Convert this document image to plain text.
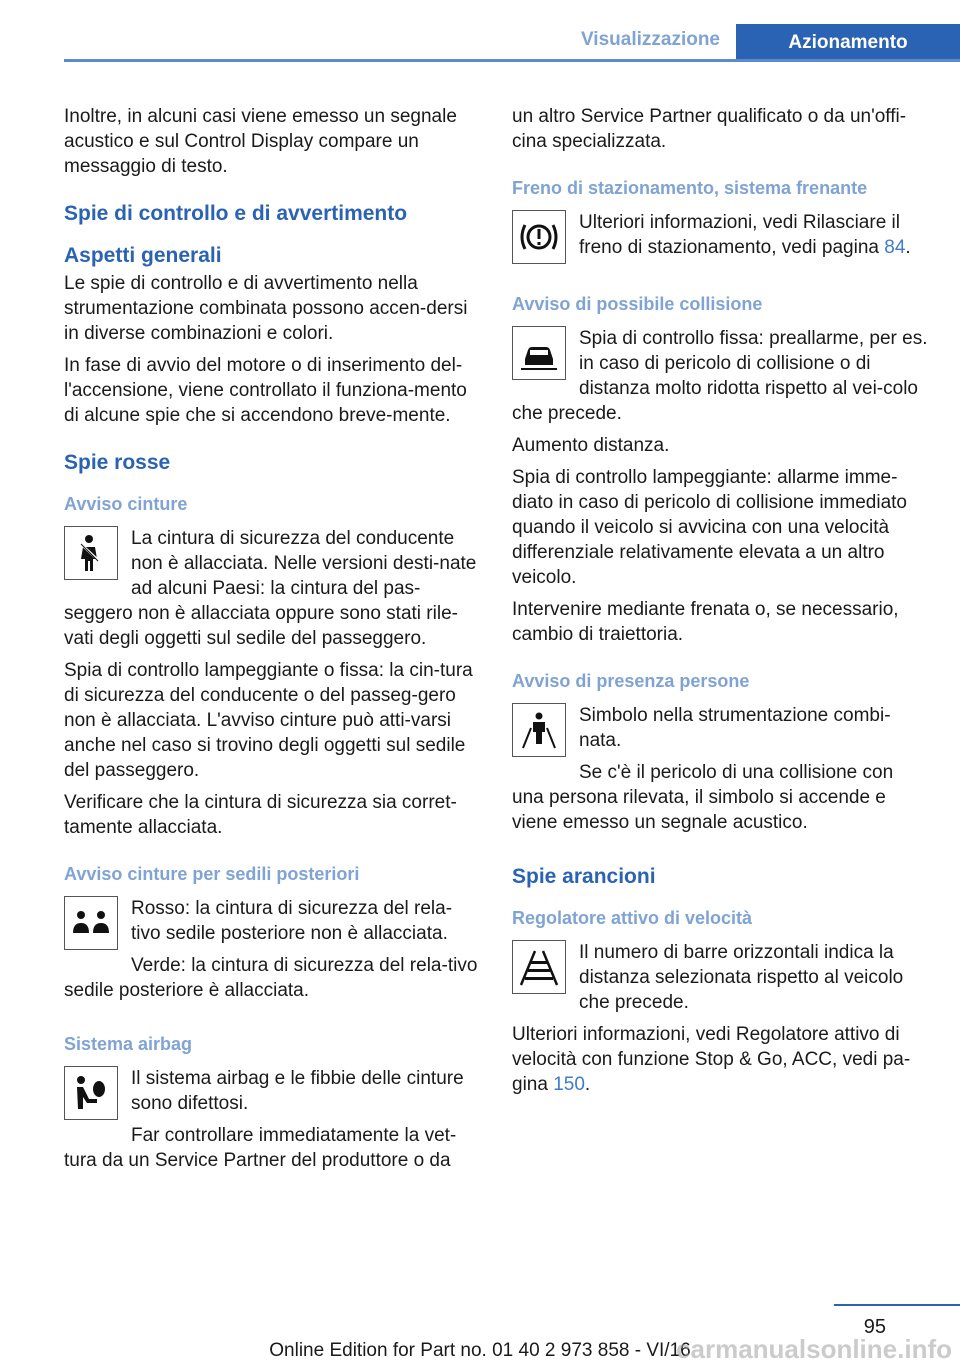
Visualizzazione	Azionamento

Inoltre, in alcuni casi viene emesso un segnale acustico e sul Control Display compare un messaggio di testo.

Spie di controllo e di avvertimento
Aspetti generali

Le spie di controllo e di avvertimento nella strumentazione combinata possono accen-dersi in diverse combinazioni e colori.

In fase di avvio del motore o di inserimento del-l'accensione, viene controllato il funziona-mento di alcune spie che si accendono breve-mente.

Spie rosse
Avviso cinture

La cintura di sicurezza del conducente non è allacciata. Nelle versioni desti-nate ad alcuni Paesi: la cintura del pas-seggero non è allacciata oppure sono stati rile-vati degli oggetti sul sedile del passeggero.

Spia di controllo lampeggiante o fissa: la cin-tura di sicurezza del conducente o del passeg-gero non è allacciata. L'avviso cinture può atti-varsi anche nel caso si trovino degli oggetti sul sedile del passeggero.

Verificare che la cintura di sicurezza sia corret-tamente allacciata.

Avviso cinture per sedili posteriori

Rosso: la cintura di sicurezza del rela-tivo sedile posteriore non è allacciata.

Verde: la cintura di sicurezza del rela-tivo sedile posteriore è allacciata.

Sistema airbag

Il sistema airbag e le fibbie delle cinture sono difettosi.

Far controllare immediatamente la vet-tura da un Service Partner del produttore o da

un altro Service Partner qualificato o da un'offi-cina specializzata.

Freno di stazionamento, sistema frenante

Ulteriori informazioni, vedi Rilasciare il freno di stazionamento, vedi pagina 84.

Avviso di possibile collisione

Spia di controllo fissa: preallarme, per es. in caso di pericolo di collisione o di distanza molto ridotta rispetto al vei-colo che precede.

Aumento distanza.

Spia di controllo lampeggiante: allarme imme-diato in caso di pericolo di collisione immediato quando il veicolo si avvicina con una velocità differenziale relativamente elevata a un altro veicolo.

Intervenire mediante frenata o, se necessario, cambio di traiettoria.

Avviso di presenza persone

Simbolo nella strumentazione combi-nata.

Se c'è il pericolo di una collisione con una persona rilevata, il simbolo si accende e viene emesso un segnale acustico.

Spie arancioni
Regolatore attivo di velocità

Il numero di barre orizzontali indica la distanza selezionata rispetto al veicolo che precede.

Ulteriori informazioni, vedi Regolatore attivo di velocità con funzione Stop & Go, ACC, vedi pa-gina 150.

95
Online Edition for Part no. 01 40 2 973 858 - VI/16
carmanualsonline.info
